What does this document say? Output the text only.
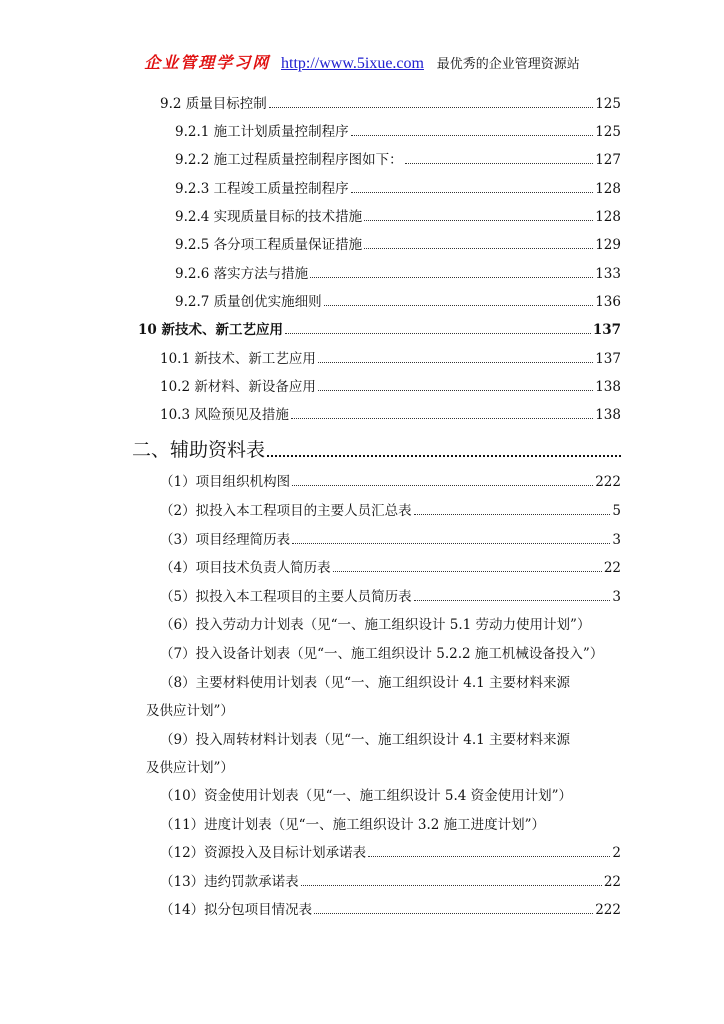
企业管理学习网 http://www.5ixue.com 最优秀的企业管理资源站
9.2 质量目标控制	125
9.2.1 施工计划质量控制程序	125
9.2.2 施工过程质量控制程序图如下：	127
9.2.3 工程竣工质量控制程序	128
9.2.4 实现质量目标的技术措施	128
9.2.5 各分项工程质量保证措施	129
9.2.6 落实方法与措施	133
9.2.7 质量创优实施细则	136
10 新技术、新工艺应用	137
10.1 新技术、新工艺应用	137
10.2 新材料、新设备应用	138
10.3 风险预见及措施	138
二、辅助资料表
（1）项目组织机构图	222
（2）拟投入本工程项目的主要人员汇总表	5
（3）项目经理简历表	3
（4）项目技术负责人简历表	22
（5）拟投入本工程项目的主要人员简历表	3
（6）投入劳动力计划表（见“一、施工组织设计 5.1 劳动力使用计划”）
（7）投入设备计划表（见“一、施工组织设计 5.2.2 施工机械设备投入”）
（8）主要材料使用计划表（见“一、施工组织设计 4.1 主要材料来源
及供应计划”）
（9）投入周转材料计划表（见“一、施工组织设计 4.1 主要材料来源
及供应计划”）
（10）资金使用计划表（见“一、施工组织设计 5.4 资金使用计划”）
（11）进度计划表（见“一、施工组织设计 3.2 施工进度计划”）
（12）资源投入及目标计划承诺表	2
（13）违约罚款承诺表	22
（14）拟分包项目情况表	222
